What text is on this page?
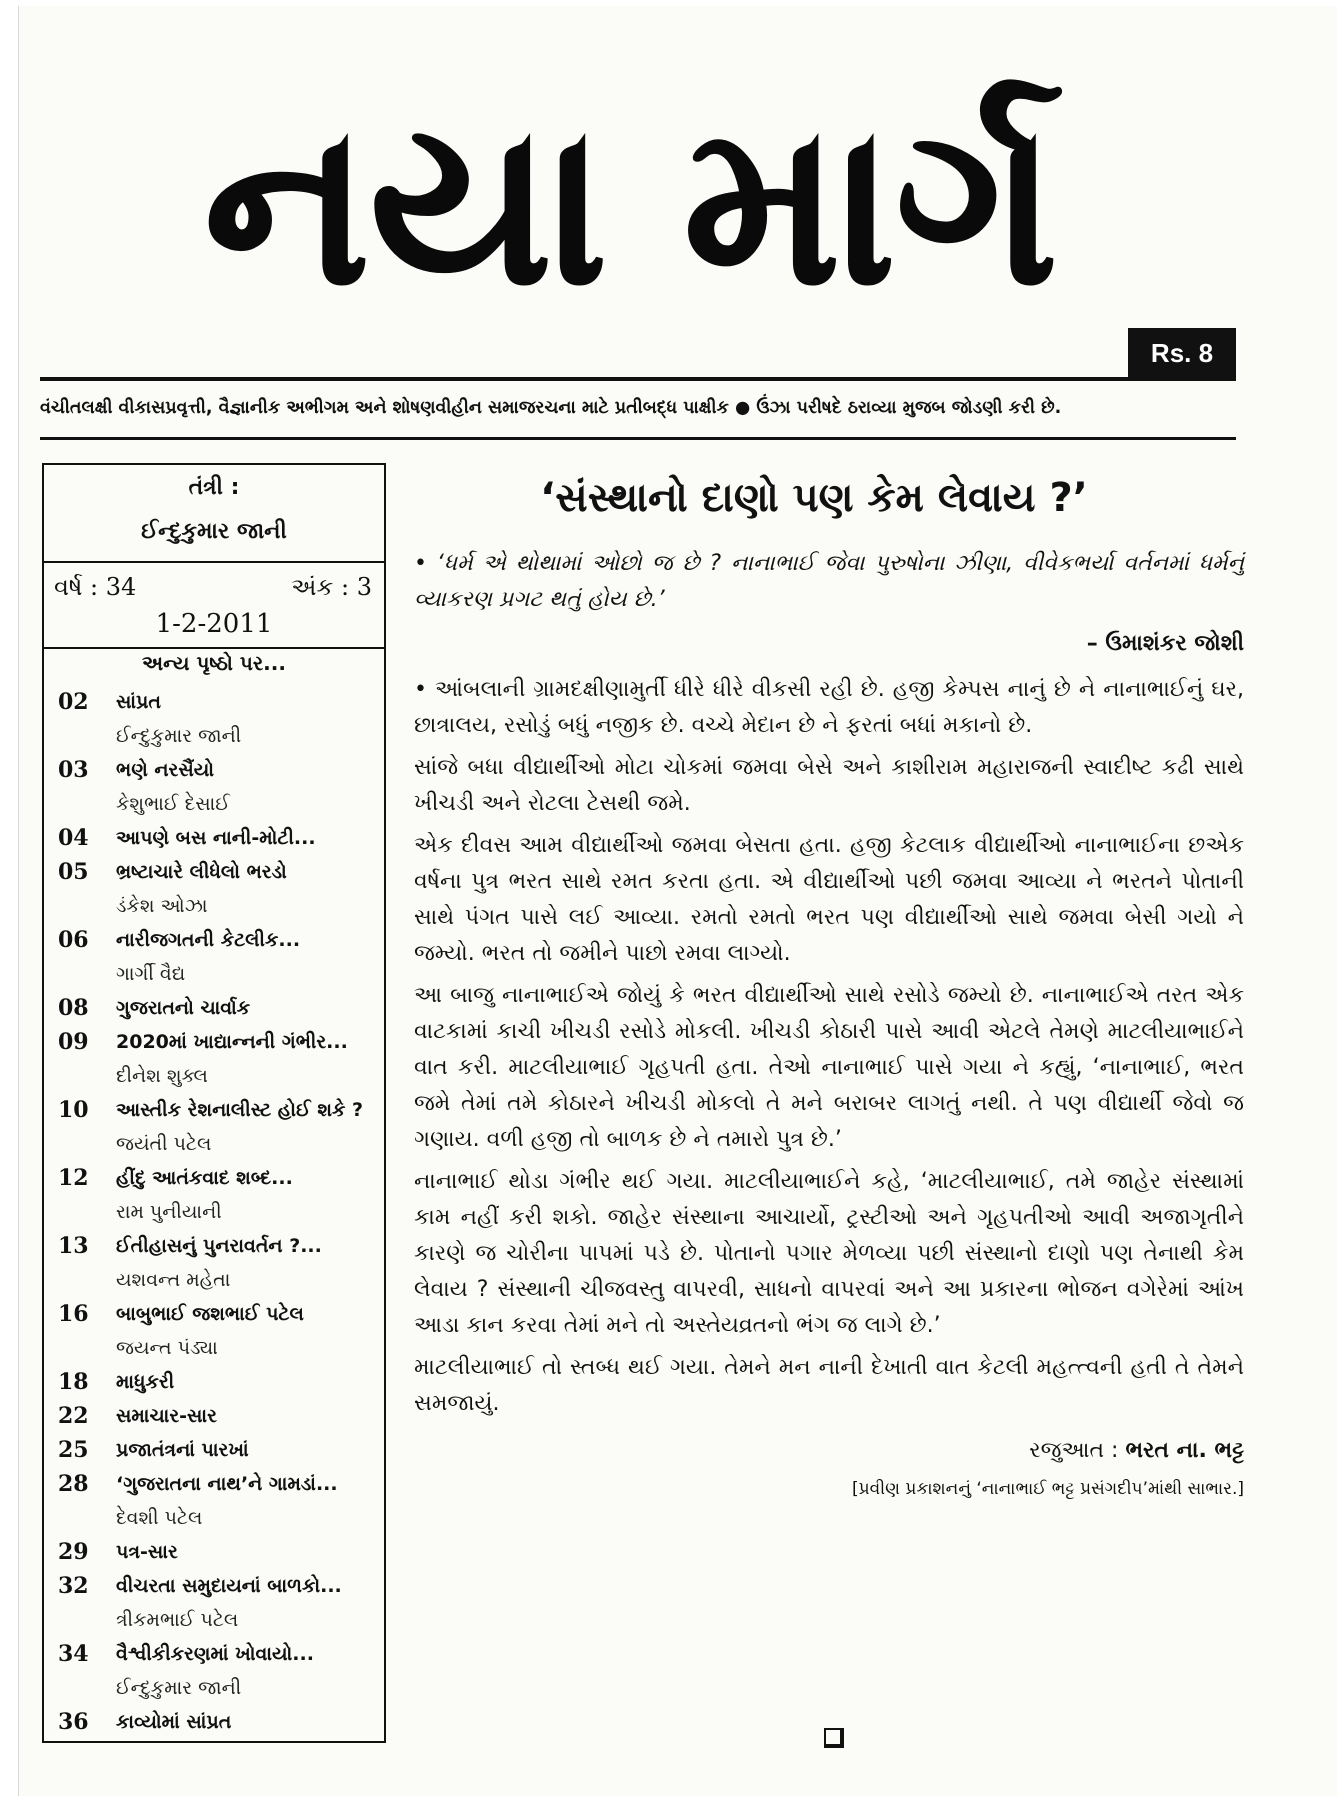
નયા માર્ગ
Rs. 8
વંચીતલક્ષી વીકાસપ્રવૃત્તી, વૈજ્ઞાનીક અભીગમ અને શોષણવીહીન સમાજરચના માટે પ્રતીબદ્ધ પાક્ષીક ● ઉંઝા પરીષદે ઠરાવ્યા મુજબ જોડણી કરી છે.
તંત્રી :
ઈન્દુકુમાર જાની
વર્ષ : 34	અંક : 3
1-2-2011
અન્ય પૃષ્ઠો પર...
02	સાંપ્રત
ઈન્દુકુમાર જાની
03	ભણે નરસૈંયો
કેશુભાઈ દેસાઈ
04	આપણે બસ નાની-મોટી...
05	ભ્રષ્ટાચારે લીધેલો ભરડો
ડંકેશ ઓઝા
06	નારીજગતની કેટલીક...
ગાર્ગી વૈદ્ય
08	ગુજરાતનો ચાર્વાક
09	2020માં ખાદ્યાન્નની ગંભીર...
દીનેશ શુક્લ
10	આસ્તીક રેશનાલીસ્ટ હોઈ શકે ?
જયંતી પટેલ
12	હીંદુ આતંકવાદ શબ્દ...
રામ પુનીયાની
13	ઈતીહાસનું પુનરાવર્તન ?...
યશવન્ત મહેતા
16	બાબુભાઈ જશભાઈ પટેલ
જયન્ત પંડ્યા
18	માધુકરી
22	સમાચાર-સાર
25	પ્રજાતંત્રનાં પારખાં
28	‘ગુજરાતના નાથ’ને ગામડાં...
દેવશી પટેલ
29	પત્ર-સાર
32	વીચરતા સમુદાયનાં બાળકો...
ત્રીકમભાઈ પટેલ
34	વૈશ્વીકીકરણમાં ખોવાયો...
ઈન્દુકુમાર જાની
36	કાવ્યોમાં સાંપ્રત
‘સંસ્થાનો દાણો પણ કેમ લેવાય ?’

• ‘ધર્મ એ થોથામાં ઓછો જ છે ? નાનાભાઈ જેવા પુરુષોના ઝીણા, વીવેકભર્યા વર્તનમાં ધર્મનું વ્યાકરણ પ્રગટ થતું હોય છે.’

– ઉમાશંકર જોશી

• આંબલાની ગ્રામદક્ષીણામુર્તી ધીરે ધીરે વીકસી રહી છે. હજી કેમ્પસ નાનું છે ને નાનાભાઈનું ઘર, છાત્રાલય, રસોડું બધું નજીક છે. વચ્ચે મેદાન છે ને ફરતાં બધાં મકાનો છે.

સાંજે બધા વીદ્યાર્થીઓ મોટા ચોકમાં જમવા બેસે અને કાશીરામ મહારાજની સ્વાદીષ્ટ કઢી સાથે ખીચડી અને રોટલા ટેસથી જમે.

એક દીવસ આમ વીદ્યાર્થીઓ જમવા બેસતા હતા. હજી કેટલાક વીદ્યાર્થીઓ નાનાભાઈના છએક વર્ષના પુત્ર ભરત સાથે રમત કરતા હતા. એ વીદ્યાર્થીઓ પછી જમવા આવ્યા ને ભરતને પોતાની સાથે પંગત પાસે લઈ આવ્યા. રમતો રમતો ભરત પણ વીદ્યાર્થીઓ સાથે જમવા બેસી ગયો ને જમ્યો. ભરત તો જમીને પાછો રમવા લાગ્યો.

આ બાજુ નાનાભાઈએ જોયું કે ભરત વીદ્યાર્થીઓ સાથે રસોડે જમ્યો છે. નાનાભાઈએ તરત એક વાટકામાં કાચી ખીચડી રસોડે મોકલી. ખીચડી કોઠારી પાસે આવી એટલે તેમણે માટલીયાભાઈને વાત કરી. માટલીયાભાઈ ગૃહપતી હતા. તેઓ નાનાભાઈ પાસે ગયા ને કહ્યું, ‘નાનાભાઈ, ભરત જમે તેમાં તમે કોઠારને ખીચડી મોકલો તે મને બરાબર લાગતું નથી. તે પણ વીદ્યાર્થી જેવો જ ગણાય. વળી હજી તો બાળક છે ને તમારો પુત્ર છે.’

નાનાભાઈ થોડા ગંભીર થઈ ગયા. માટલીયાભાઈને કહે, ‘માટલીયાભાઈ, તમે જાહેર સંસ્થામાં કામ નહીં કરી શકો. જાહેર સંસ્થાના આચાર્યો, ટ્રસ્ટીઓ અને ગૃહપતીઓ આવી અજાગૃતીને કારણે જ ચોરીના પાપમાં પડે છે. પોતાનો પગાર મેળવ્યા પછી સંસ્થાનો દાણો પણ તેનાથી કેમ લેવાય ? સંસ્થાની ચીજવસ્તુ વાપરવી, સાધનો વાપરવાં અને આ પ્રકારના ભોજન વગેરેમાં આંખ આડા કાન કરવા તેમાં મને તો અસ્તેયવ્રતનો ભંગ જ લાગે છે.’

માટલીયાભાઈ તો સ્તબ્ધ થઈ ગયા. તેમને મન નાની દેખાતી વાત કેટલી મહત્ત્વની હતી તે તેમને સમજાયું.

રજુઆત : ભરત ના. ભટ્ટ
[પ્રવીણ પ્રકાશનનું ‘નાનાભાઈ ભટ્ટ પ્રસંગદીપ’માંથી સાભાર.]
